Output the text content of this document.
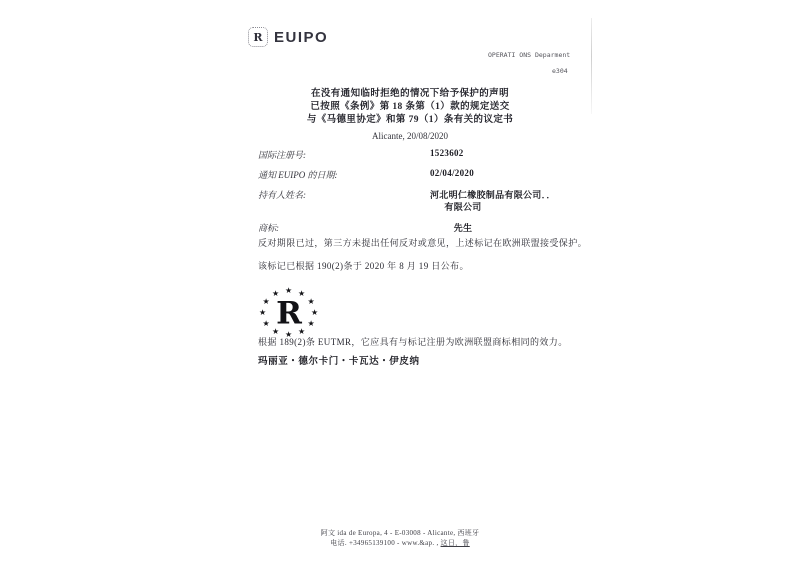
R EUIPO
OPERATI ONS Deparment
e304
在没有通知临时拒绝的情况下给予保护的声明
已按照《条例》第 18 条第（1）款的规定送交
与《马德里协定》和第 79（1）条有关的议定书
Alicante, 20/08/2020
国际注册号:	1523602
通知 EUIPO 的日期:	02/04/2020
持有人姓名:	河北明仁橡胶制品有限公司．．
有限公司
商标:	先生
反对期限已过，第三方未提出任何反对或意见，上述标记在欧洲联盟接受保护。
该标记已根据 190(2)条于 2020 年 8 月 19 日公布。
R
★ ★
★
★
★
★
★
★
★
★
★
★
根据 189(2)条 EUTMR，它应具有与标记注册为欧洲联盟商标相同的效力。
玛丽亚・德尔卡门・卡瓦达・伊皮纳
阿文 ida de Europa, 4 - E-03008 - Alicante, 西班牙
电话. +34965139100 - www.&ap. , 这日，鲁
